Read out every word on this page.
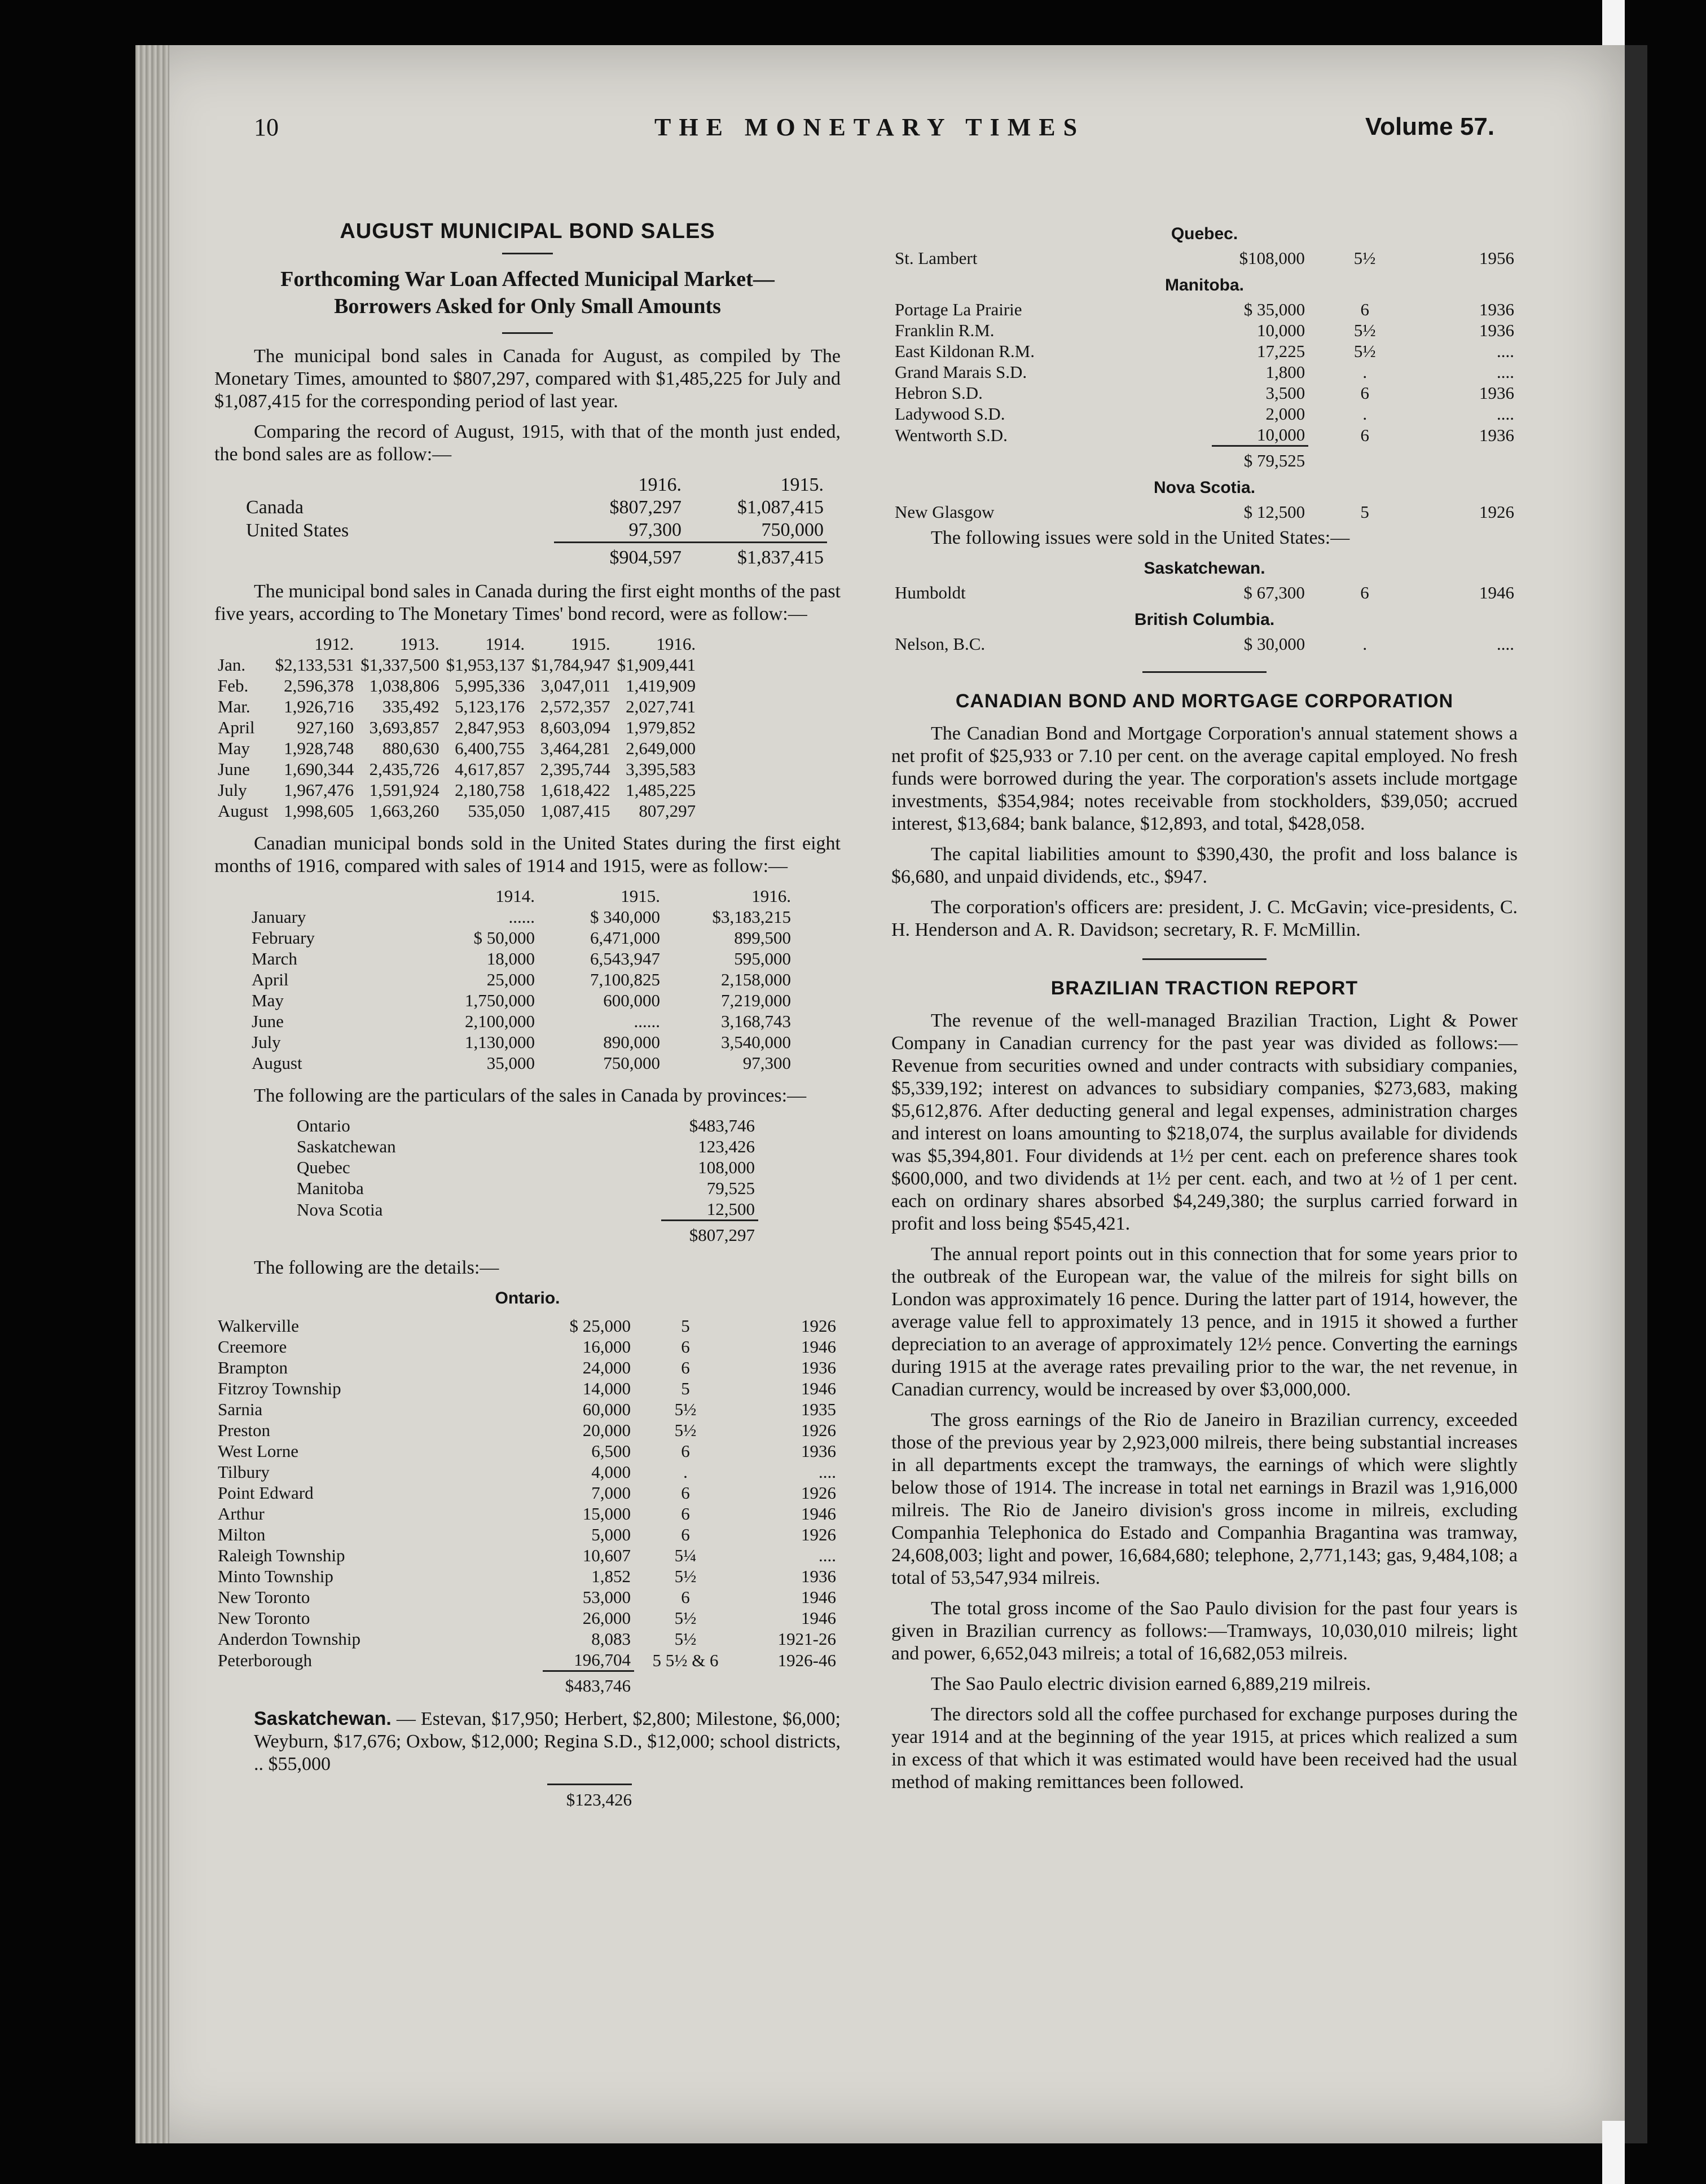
10	THE MONETARY TIMES	Volume 57.
AUGUST MUNICIPAL BOND SALES
Forthcoming War Loan Affected Municipal Market—
Borrowers Asked for Only Small Amounts

The municipal bond sales in Canada for August, as compiled by The Monetary Times, amounted to $807,297, compared with $1,485,225 for July and $1,087,415 for the corresponding period of last year.

Comparing the record of August, 1915, with that of the month just ended, the bond sales are as follow:—

	1916.	1915.
Canada	$807,297	$1,087,415
United States	97,300	750,000
	$904,597	$1,837,415

The municipal bond sales in Canada during the first eight months of the past five years, according to The Monetary Times' bond record, were as follow:—

	1912.	1913.	1914.	1915.	1916.
Jan.	$2,133,531	$1,337,500	$1,953,137	$1,784,947	$1,909,441
Feb.	2,596,378	1,038,806	5,995,336	3,047,011	1,419,909
Mar.	1,926,716	335,492	5,123,176	2,572,357	2,027,741
April	927,160	3,693,857	2,847,953	8,603,094	1,979,852
May	1,928,748	880,630	6,400,755	3,464,281	2,649,000
June	1,690,344	2,435,726	4,617,857	2,395,744	3,395,583
July	1,967,476	1,591,924	2,180,758	1,618,422	1,485,225
August	1,998,605	1,663,260	535,050	1,087,415	807,297

Canadian municipal bonds sold in the United States during the first eight months of 1916, compared with sales of 1914 and 1915, were as follow:—

	1914.	1915.	1916.
January	......	$ 340,000	$3,183,215
February	$ 50,000	6,471,000	899,500
March	18,000	6,543,947	595,000
April	25,000	7,100,825	2,158,000
May	1,750,000	600,000	7,219,000
June	2,100,000	......	3,168,743
July	1,130,000	890,000	3,540,000
August	35,000	750,000	97,300

The following are the particulars of the sales in Canada by provinces:—

Ontario	$483,746
Saskatchewan	123,426
Quebec	108,000
Manitoba	79,525
Nova Scotia	12,500
	$807,297

The following are the details:—

Ontario.
Walkerville	$ 25,000	5	1926
Creemore	16,000	6	1946
Brampton	24,000	6	1936
Fitzroy Township	14,000	5	1946
Sarnia	60,000	5½	1935
Preston	20,000	5½	1926
West Lorne	6,500	6	1936
Tilbury	4,000	.	....
Point Edward	7,000	6	1926
Arthur	15,000	6	1946
Milton	5,000	6	1926
Raleigh Township	10,607	5¼	....
Minto Township	1,852	5½	1936
New Toronto	53,000	6	1946
New Toronto	26,000	5½	1946
Anderdon Township	8,083	5½	1921-26
Peterborough	196,704	5 5½ & 6	1926-46
	$483,746		

Saskatchewan. — Estevan, $17,950; Herbert, $2,800; Milestone, $6,000; Weyburn, $17,676; Oxbow, $12,000; Regina S.D., $12,000; school districts, .. $55,000

$123,426
Quebec.
St. Lambert	$108,000	5½	1956
Manitoba.
Portage La Prairie	$ 35,000	6	1936
Franklin R.M.	10,000	5½	1936
East Kildonan R.M.	17,225	5½	....
Grand Marais S.D.	1,800	.	....
Hebron S.D.	3,500	6	1936
Ladywood S.D.	2,000	.	....
Wentworth S.D.	10,000	6	1936
	$ 79,525		
Nova Scotia.
New Glasgow	$ 12,500	5	1926

The following issues were sold in the United States:—

Saskatchewan.
Humboldt	$ 67,300	6	1946
British Columbia.
Nelson, B.C.	$ 30,000	.	....
CANADIAN BOND AND MORTGAGE CORPORATION

The Canadian Bond and Mortgage Corporation's annual statement shows a net profit of $25,933 or 7.10 per cent. on the average capital employed. No fresh funds were borrowed during the year. The corporation's assets include mortgage investments, $354,984; notes receivable from stockholders, $39,050; accrued interest, $13,684; bank balance, $12,893, and total, $428,058.

The capital liabilities amount to $390,430, the profit and loss balance is $6,680, and unpaid dividends, etc., $947.

The corporation's officers are: president, J. C. McGavin; vice-presidents, C. H. Henderson and A. R. Davidson; secretary, R. F. McMillin.

BRAZILIAN TRACTION REPORT

The revenue of the well-managed Brazilian Traction, Light & Power Company in Canadian currency for the past year was divided as follows:—Revenue from securities owned and under contracts with subsidiary companies, $5,339,192; interest on advances to subsidiary companies, $273,683, making $5,612,876. After deducting general and legal expenses, administration charges and interest on loans amounting to $218,074, the surplus available for dividends was $5,394,801. Four dividends at 1½ per cent. each on preference shares took $600,000, and two dividends at 1½ per cent. each, and two at ½ of 1 per cent. each on ordinary shares absorbed $4,249,380; the surplus carried forward in profit and loss being $545,421.

The annual report points out in this connection that for some years prior to the outbreak of the European war, the value of the milreis for sight bills on London was approximately 16 pence. During the latter part of 1914, however, the average value fell to approximately 13 pence, and in 1915 it showed a further depreciation to an average of approximately 12½ pence. Converting the earnings during 1915 at the average rates prevailing prior to the war, the net revenue, in Canadian currency, would be increased by over $3,000,000.

The gross earnings of the Rio de Janeiro in Brazilian currency, exceeded those of the previous year by 2,923,000 milreis, there being substantial increases in all departments except the tramways, the earnings of which were slightly below those of 1914. The increase in total net earnings in Brazil was 1,916,000 milreis. The Rio de Janeiro division's gross income in milreis, excluding Companhia Telephonica do Estado and Companhia Bragantina was tramway, 24,608,003; light and power, 16,684,680; telephone, 2,771,143; gas, 9,484,108; a total of 53,547,934 milreis.

The total gross income of the Sao Paulo division for the past four years is given in Brazilian currency as follows:—Tramways, 10,030,010 milreis; light and power, 6,652,043 milreis; a total of 16,682,053 milreis.

The Sao Paulo electric division earned 6,889,219 milreis.

The directors sold all the coffee purchased for exchange purposes during the year 1914 and at the beginning of the year 1915, at prices which realized a sum in excess of that which it was estimated would have been received had the usual method of making remittances been followed.
